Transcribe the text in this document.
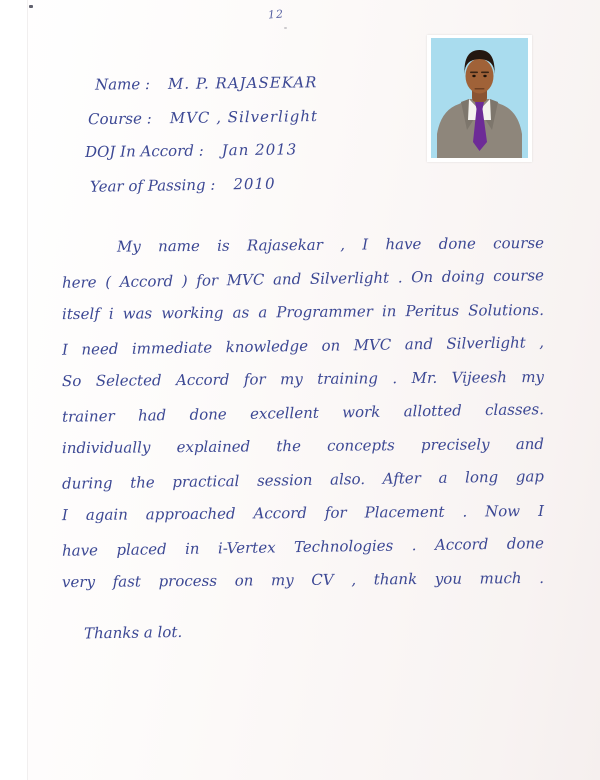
12
Name : M. P. RAJASEKAR
Course : MVC , Silverlight
DOJ In Accord : Jan 2013
Year of Passing : 2010
My name is Rajasekar , I have done course
here ( Accord ) for MVC and Silverlight . On doing course
itself i was working as a Programmer in Peritus Solutions.
I need immediate knowledge on MVC and Silverlight ,
So Selected Accord for my training . Mr. Vijeesh my
trainer had done excellent work allotted classes.
individually explained the concepts precisely and
during the practical session also. After a long gap
I again approached Accord for Placement . Now I
have placed in i-Vertex Technologies . Accord done
very fast process on my CV , thank you much .
Thanks a lot.
